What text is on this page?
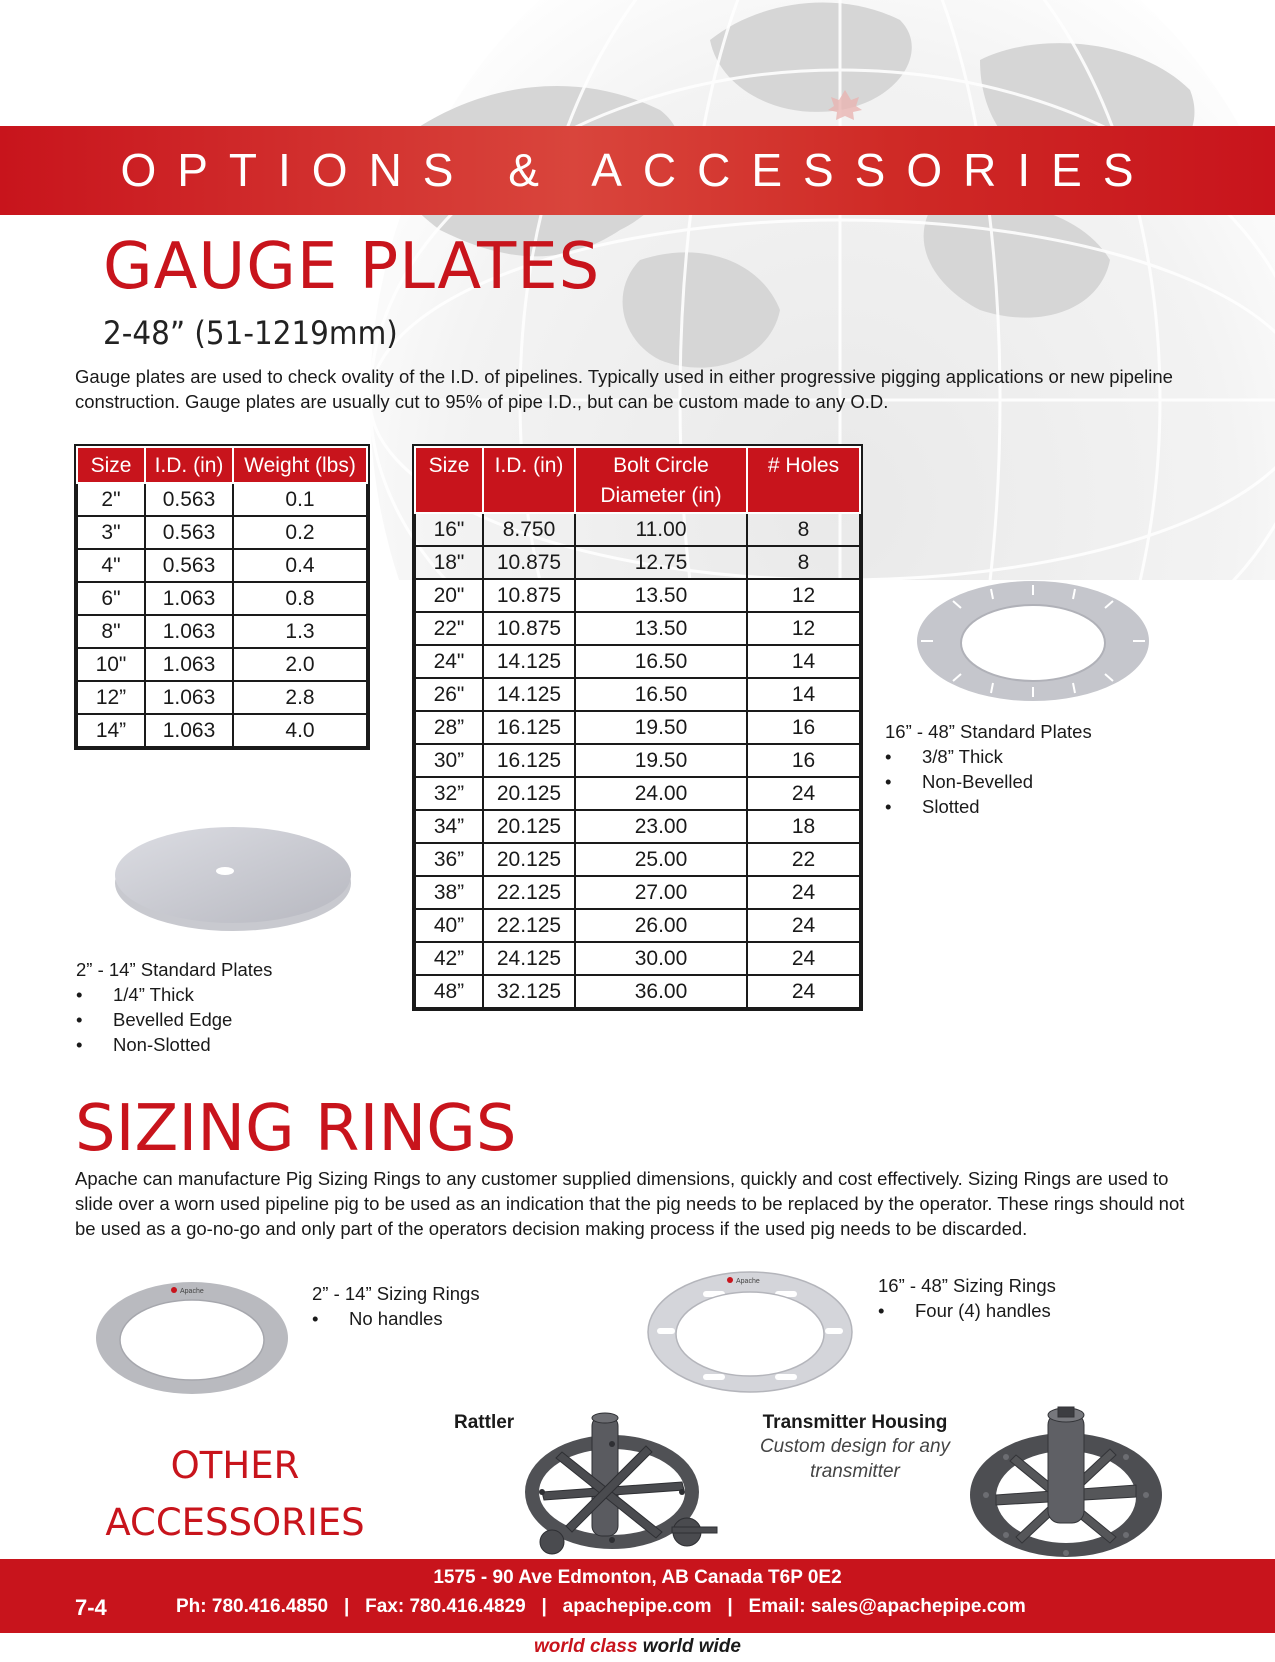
OPTIONS & ACCESSORIES
GAUGE PLATES
2-48” (51-1219mm)
Gauge plates are used to check ovality of the I.D. of pipelines. Typically used in either progressive pigging applications or new pipeline construction. Gauge plates are usually cut to 95% of pipe I.D., but can be custom made to any O.D.
Size	I.D. (in)	Weight (lbs)
2"	0.563	0.1
3"	0.563	0.2
4"	0.563	0.4
6"	1.063	0.8
8"	1.063	1.3
10"	1.063	2.0
12”	1.063	2.8
14”	1.063	4.0
Size	I.D. (in)	Bolt Circle Diameter (in)	# Holes
16"	8.750	11.00	8
18"	10.875	12.75	8
20"	10.875	13.50	12
22"	10.875	13.50	12
24"	14.125	16.50	14
26"	14.125	16.50	14
28”	16.125	19.50	16
30”	16.125	19.50	16
32”	20.125	24.00	24
34”	20.125	23.00	18
36”	20.125	25.00	22
38”	22.125	27.00	24
40”	22.125	26.00	24
42”	24.125	30.00	24
48”	32.125	36.00	24
2” - 14” Standard Plates
• 1/4” Thick
• Bevelled Edge
• Non-Slotted
16” - 48” Standard Plates
• 3/8” Thick
• Non-Bevelled
• Slotted
SIZING RINGS
Apache can manufacture Pig Sizing Rings to any customer supplied dimensions, quickly and cost effectively. Sizing Rings are used to slide over a worn used pipeline pig to be used as an indication that the pig needs to be replaced by the operator. These rings should not be used as a go-no-go and only part of the operators decision making process if the used pig needs to be discarded.
Apache
Apache
2” - 14” Sizing Rings
• No handles
16” - 48” Sizing Rings
• Four (4) handles
OTHER
ACCESSORIES
Rattler	Transmitter Housing
Custom design for any
transmitter
1575 - 90 Ave Edmonton, AB Canada T6P 0E2
7-4	Ph: 780.416.4850   |   Fax: 780.416.4829   |   apachepipe.com   |   Email: sales@apachepipe.com
world class world wide
